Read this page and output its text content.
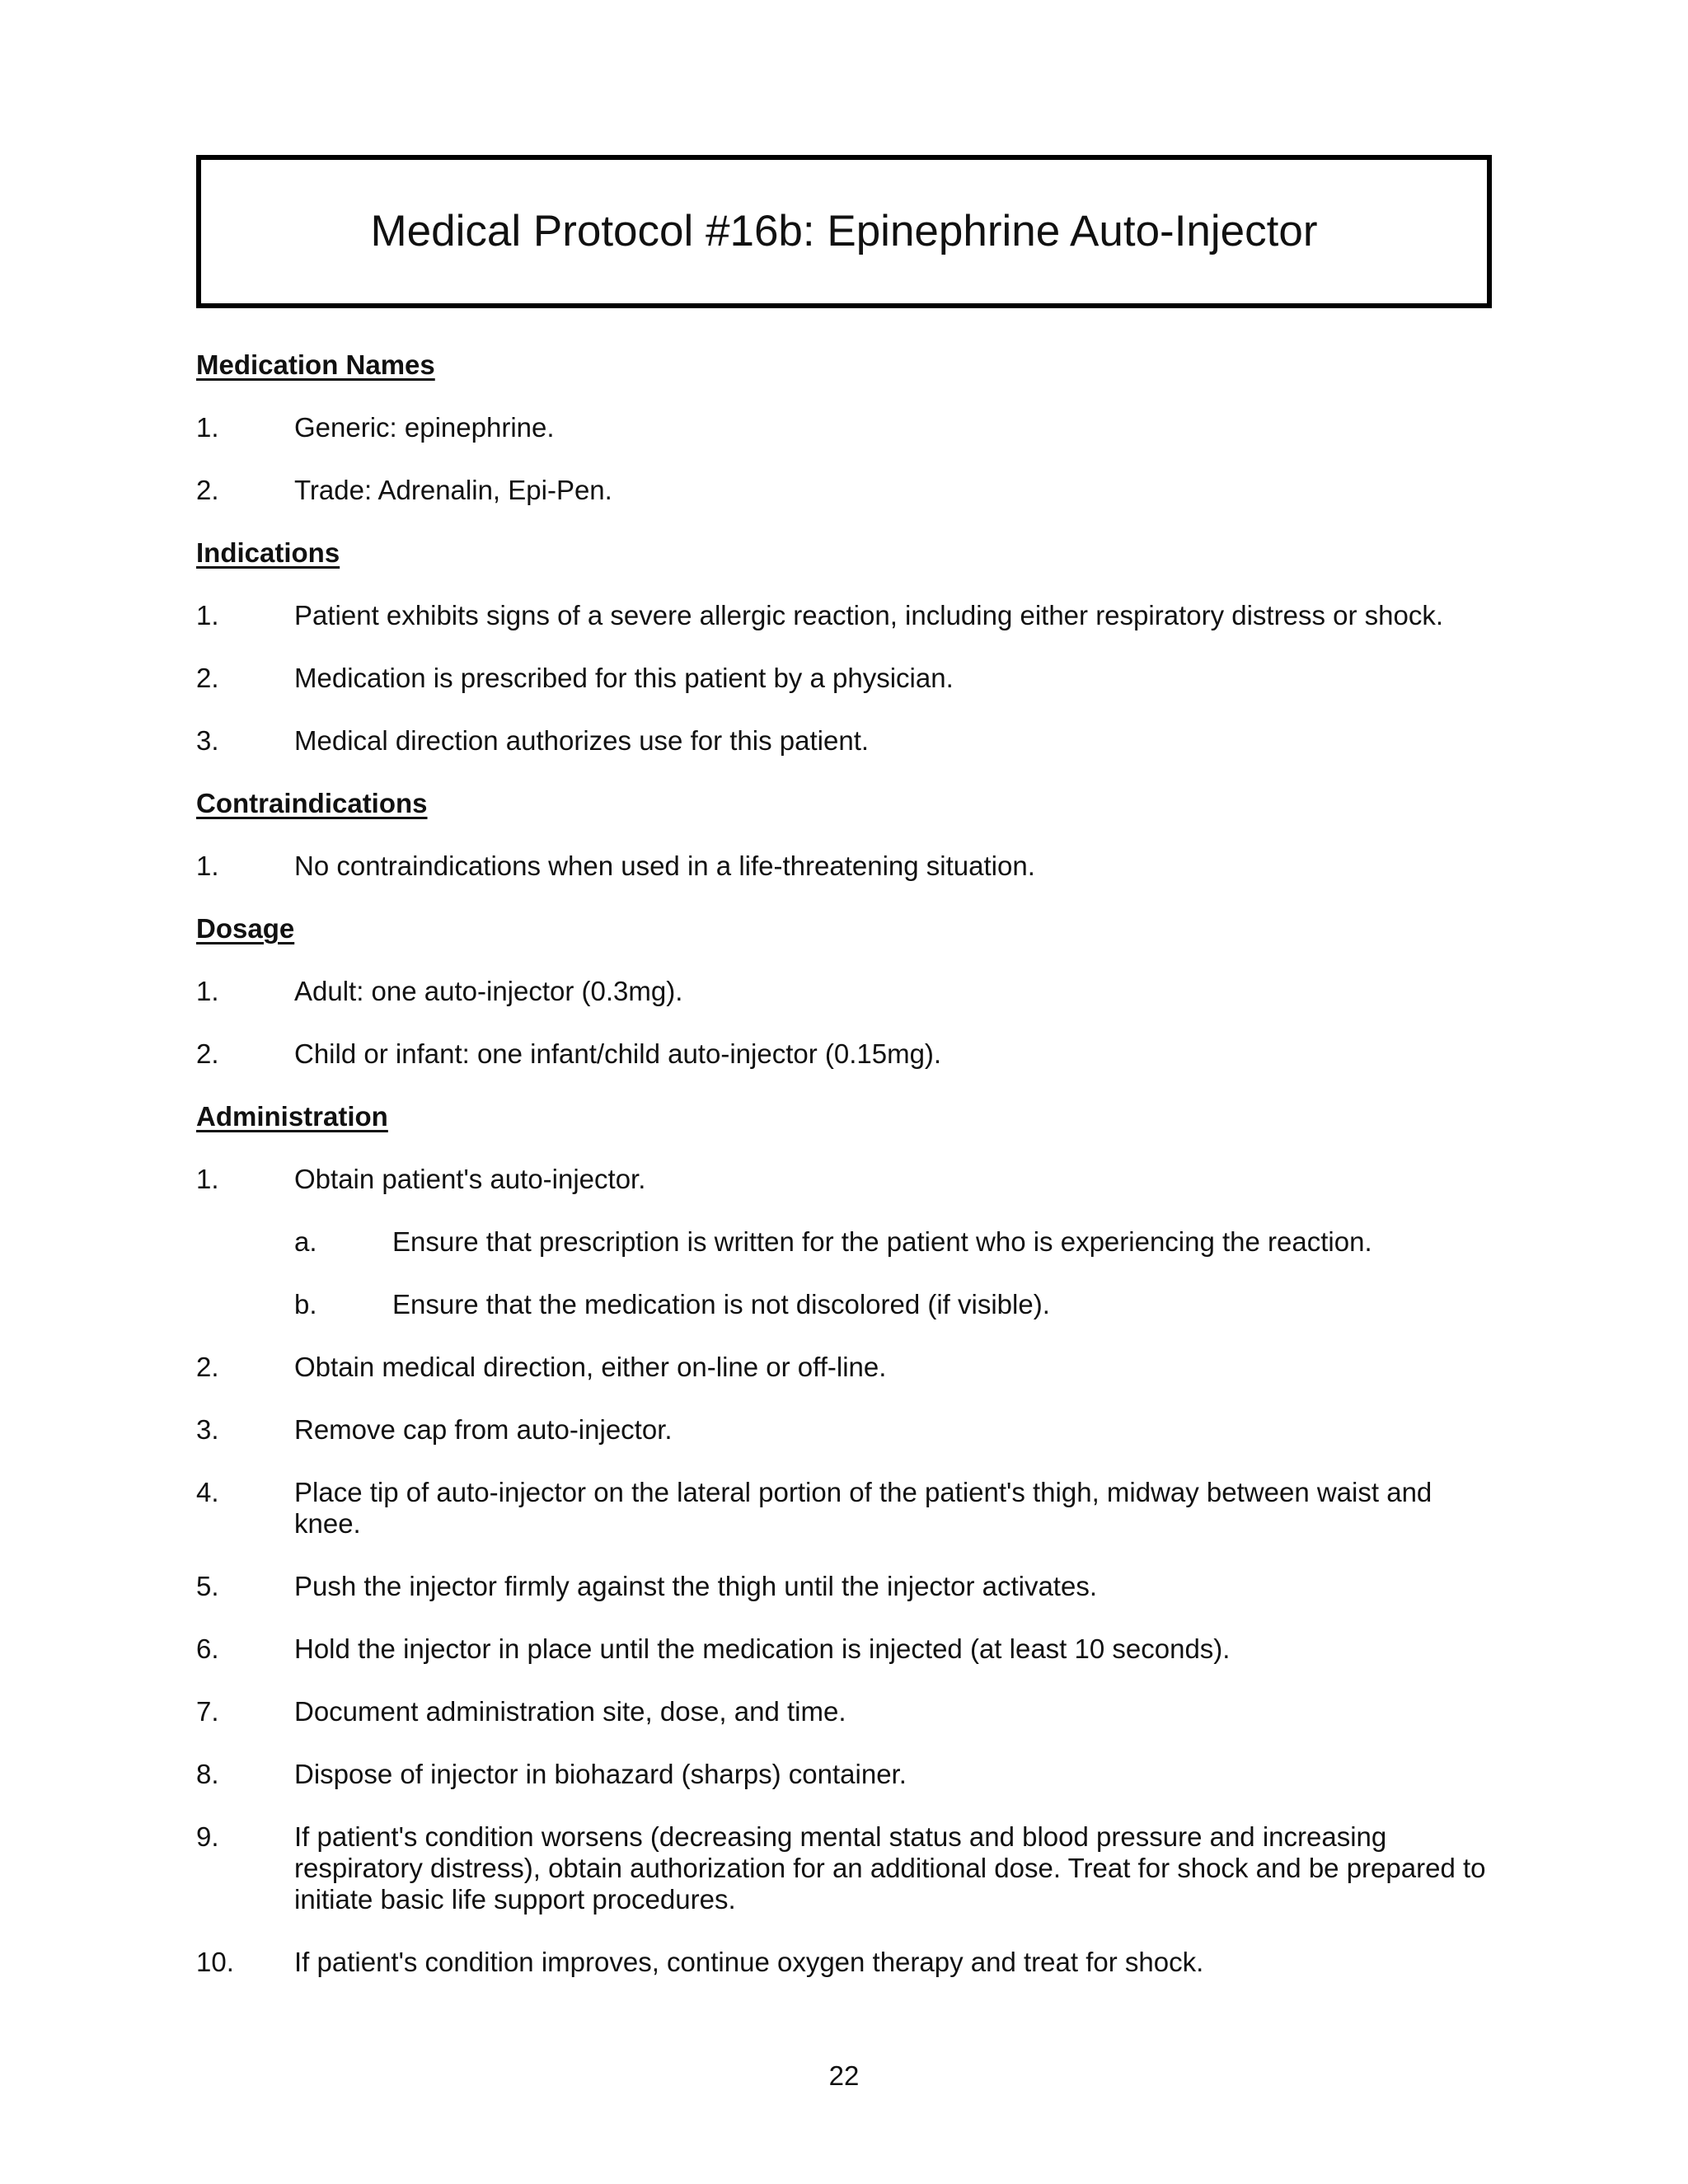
Medical Protocol #16b: Epinephrine Auto-Injector
Medication Names
1.	Generic: epinephrine.
2.	Trade: Adrenalin, Epi-Pen.
Indications
1.	Patient exhibits signs of a severe allergic reaction, including either respiratory distress or shock.
2.	Medication is prescribed for this patient by a physician.
3.	Medical direction authorizes use for this patient.
Contraindications
1.	No contraindications when used in a life-threatening situation.
Dosage
1.	Adult: one auto-injector (0.3mg).
2.	Child or infant: one infant/child auto-injector (0.15mg).
Administration
1.	Obtain patient's auto-injector.
a.	Ensure that prescription is written for the patient who is experiencing the reaction.
b.	Ensure that the medication is not discolored (if visible).
2.	Obtain medical direction, either on-line or off-line.
3.	Remove cap from auto-injector.
4.	Place tip of auto-injector on the lateral portion of the patient's thigh, midway between waist and knee.
5.	Push the injector firmly against the thigh until the injector activates.
6.	Hold the injector in place until the medication is injected (at least 10 seconds).
7.	Document administration site, dose, and time.
8.	Dispose of injector in biohazard (sharps) container.
9.	If patient's condition worsens (decreasing mental status and blood pressure and increasing respiratory distress), obtain authorization for an additional dose. Treat for shock and be prepared to initiate basic life support procedures.
10.	If patient's condition improves, continue oxygen therapy and treat for shock.
22
